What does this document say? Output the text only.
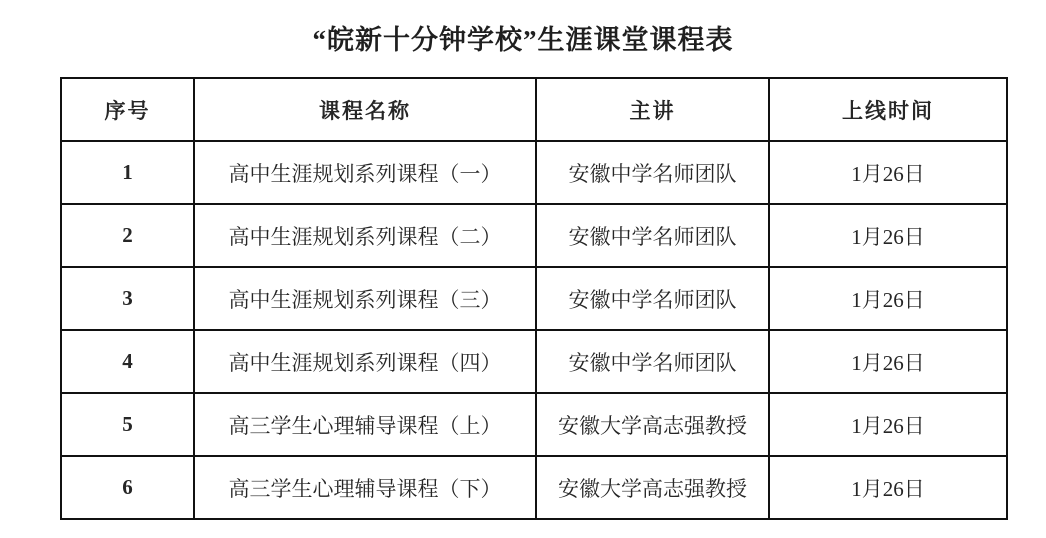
“皖新十分钟学校”生涯课堂课程表
序号	课程名称	主讲	上线时间
1	高中生涯规划系列课程（一）	安徽中学名师团队	1月26日
2	高中生涯规划系列课程（二）	安徽中学名师团队	1月26日
3	高中生涯规划系列课程（三）	安徽中学名师团队	1月26日
4	高中生涯规划系列课程（四）	安徽中学名师团队	1月26日
5	高三学生心理辅导课程（上）	安徽大学高志强教授	1月26日
6	高三学生心理辅导课程（下）	安徽大学高志强教授	1月26日
